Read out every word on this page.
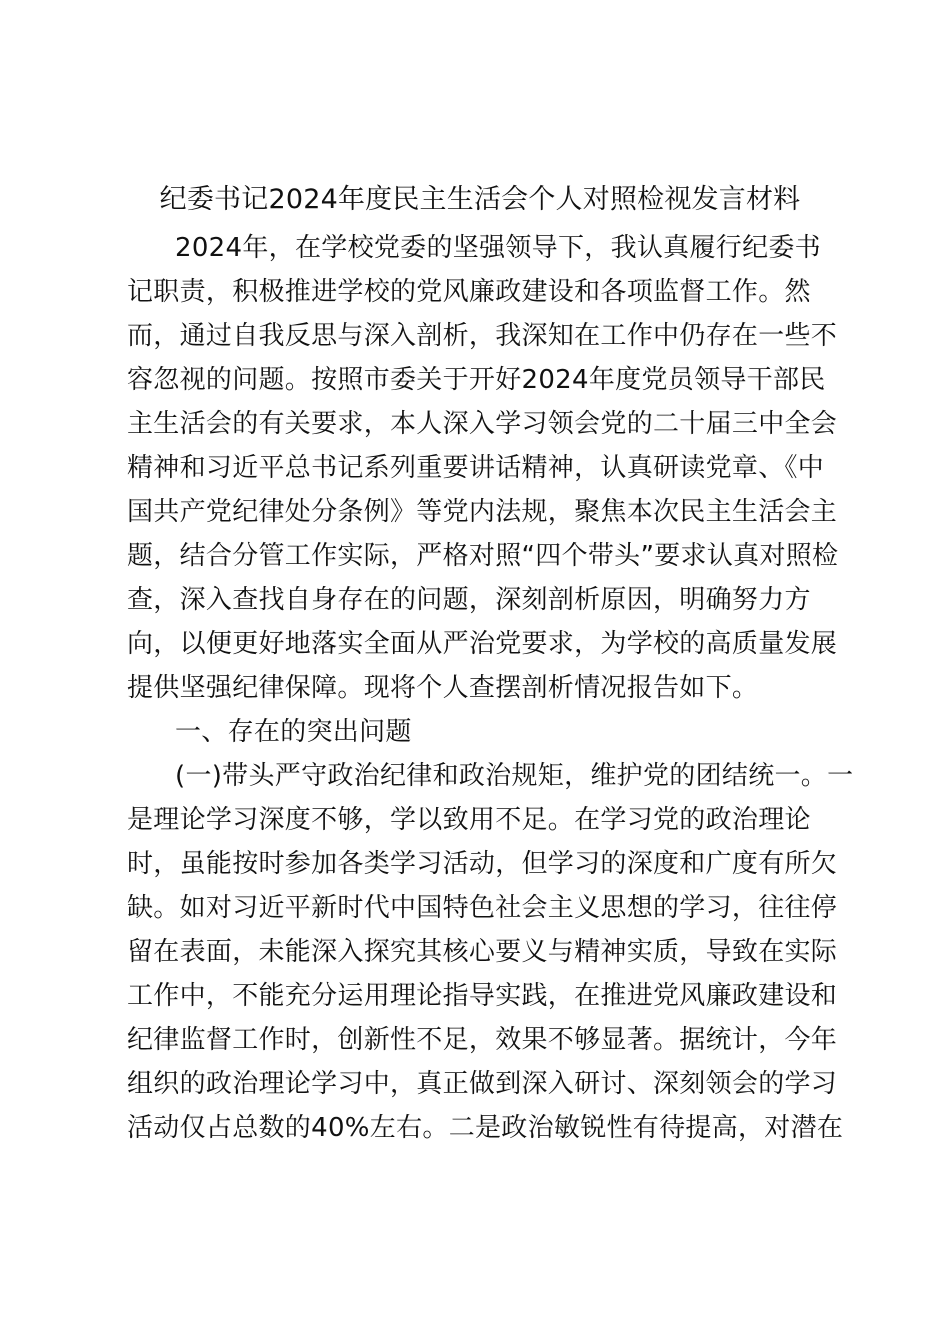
纪委书记2024年度民主生活会个人对照检视发言材料
2024年，在学校党委的坚强领导下，我认真履行纪委书
记职责，积极推进学校的党风廉政建设和各项监督工作。然
而，通过自我反思与深入剖析，我深知在工作中仍存在一些不
容忽视的问题。按照市委关于开好2024年度党员领导干部民
主生活会的有关要求，本人深入学习领会党的二十届三中全会
精神和习近平总书记系列重要讲话精神，认真研读党章、《中
国共产党纪律处分条例》等党内法规，聚焦本次民主生活会主
题，结合分管工作实际，严格对照“四个带头”要求认真对照检
查，深入查找自身存在的问题，深刻剖析原因，明确努力方
向，以便更好地落实全面从严治党要求，为学校的高质量发展
提供坚强纪律保障。现将个人查摆剖析情况报告如下。
一、存在的突出问题
(一)带头严守政治纪律和政治规矩，维护党的团结统一。一
是理论学习深度不够，学以致用不足。在学习党的政治理论
时，虽能按时参加各类学习活动，但学习的深度和广度有所欠
缺。如对习近平新时代中国特色社会主义思想的学习，往往停
留在表面，未能深入探究其核心要义与精神实质，导致在实际
工作中，不能充分运用理论指导实践，在推进党风廉政建设和
纪律监督工作时，创新性不足，效果不够显著。据统计，今年
组织的政治理论学习中，真正做到深入研讨、深刻领会的学习
活动仅占总数的40%左右。二是政治敏锐性有待提高，对潜在
